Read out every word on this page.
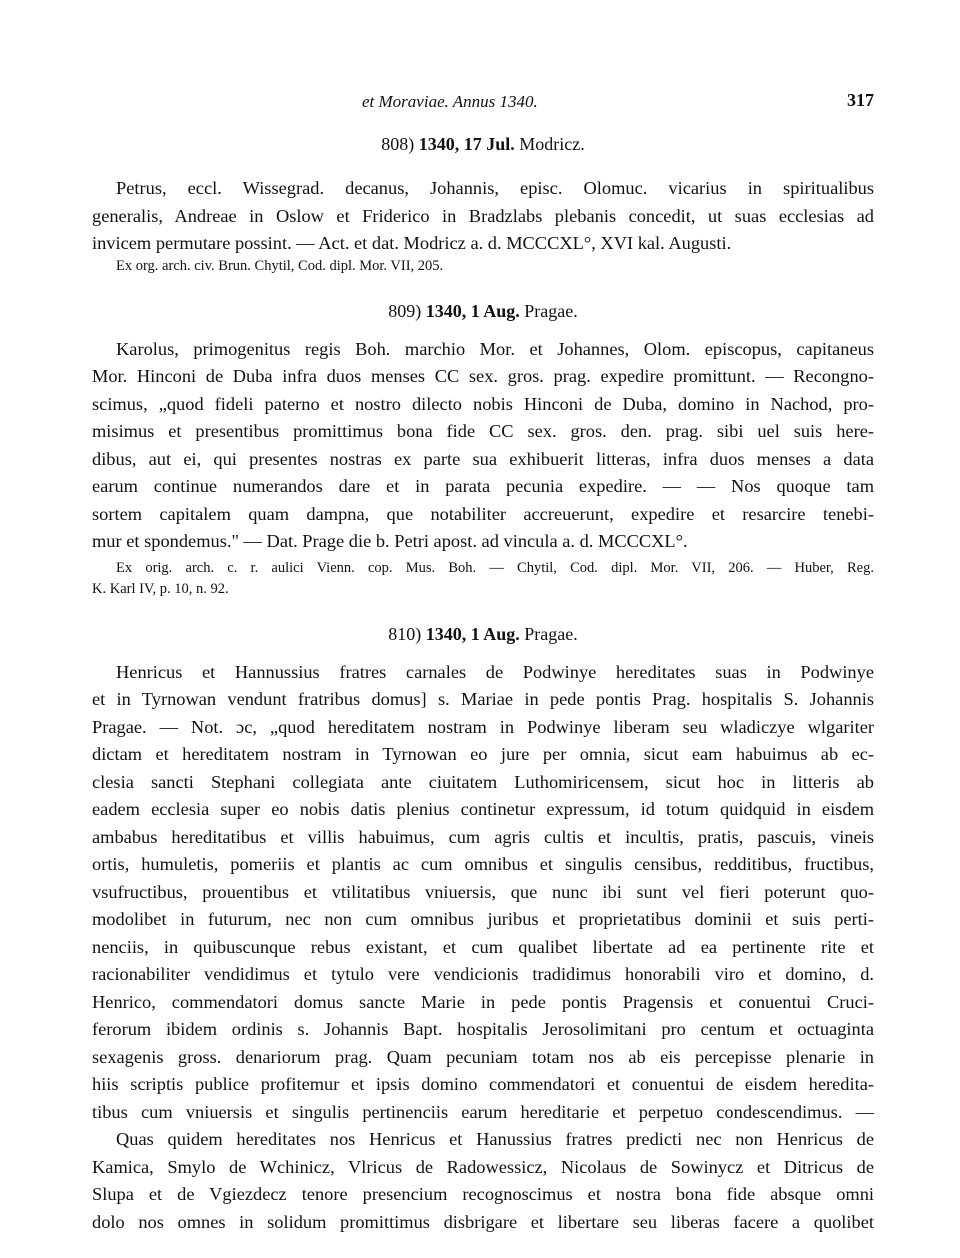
et Moraviae. Annus 1340.	317

808) 1340, 17 Jul. Modricz.

Petrus, eccl. Wissegrad. decanus, Johannis, episc. Olomuc. vicarius in spiritualibus
generalis, Andreae in Oslow et Friderico in Bradzlabs plebanis concedit, ut suas ecclesias ad
invicem permutare possint. — Act. et dat. Modricz a. d. MCCCXL°, XVI kal. Augusti.
Ex org. arch. civ. Brun. Chytil, Cod. dipl. Mor. VII, 205.

809) 1340, 1 Aug. Pragae.

Karolus, primogenitus regis Boh. marchio Mor. et Johannes, Olom. episcopus, capitaneus
Mor. Hinconi de Duba infra duos menses CC sex. gros. prag. expedire promittunt. — Recongno-
scimus, „quod fideli paterno et nostro dilecto nobis Hinconi de Duba, domino in Nachod, pro-
misimus et presentibus promittimus bona fide CC sex. gros. den. prag. sibi uel suis here-
dibus, aut ei, qui presentes nostras ex parte sua exhibuerit litteras, infra duos menses a data
earum continue numerandos dare et in parata pecunia expedire. — — Nos quoque tam
sortem capitalem quam dampna, que notabiliter accreuerunt, expedire et resarcire tenebi-
mur et spondemus." — Dat. Prage die b. Petri apost. ad vincula a. d. MCCCXL°.
Ex orig. arch. c. r. aulici Vienn. cop. Mus. Boh. — Chytil, Cod. dipl. Mor. VII, 206. — Huber, Reg.
K. Karl IV, p. 10, n. 92.

810) 1340, 1 Aug. Pragae.

Henricus et Hannussius fratres carnales de Podwinye hereditates suas in Podwinye
et in Tyrnowan vendunt fratribus domus] s. Mariae in pede pontis Prag. hospitalis S. Johannis
Pragae. — Not. ɔc, „quod hereditatem nostram in Podwinye liberam seu wladiczye wlgariter
dictam et hereditatem nostram in Tyrnowan eo jure per omnia, sicut eam habuimus ab ec-
clesia sancti Stephani collegiata ante ciuitatem Luthomiricensem, sicut hoc in litteris ab
eadem ecclesia super eo nobis datis plenius continetur expressum, id totum quidquid in eisdem
ambabus hereditatibus et villis habuimus, cum agris cultis et incultis, pratis, pascuis, vineis
ortis, humuletis, pomeriis et plantis ac cum omnibus et singulis censibus, redditibus, fructibus,
vsufructibus, prouentibus et vtilitatibus vniuersis, que nunc ibi sunt vel fieri poterunt quo-
modolibet in futurum, nec non cum omnibus juribus et proprietatibus dominii et suis perti-
nenciis, in quibuscunque rebus existant, et cum qualibet libertate ad ea pertinente rite et
racionabiliter vendidimus et tytulo vere vendicionis tradidimus honorabili viro et domino, d.
Henrico, commendatori domus sancte Marie in pede pontis Pragensis et conuentui Cruci-
ferorum ibidem ordinis s. Johannis Bapt. hospitalis Jerosolimitani pro centum et octuaginta
sexagenis gross. denariorum prag. Quam pecuniam totam nos ab eis percepisse plenarie in
hiis scriptis publice profitemur et ipsis domino commendatori et conuentui de eisdem heredita-
tibus cum vniuersis et singulis pertinenciis earum hereditarie et perpetuo condescendimus. —
Quas quidem hereditates nos Henricus et Hanussius fratres predicti nec non Henricus de
Kamica, Smylo de Wchinicz, Vlricus de Radowessicz, Nicolaus de Sowinycz et Ditricus de
Slupa et de Vgiezdecz tenore presencium recognoscimus et nostra bona fide absque omni
dolo nos omnes in solidum promittimus disbrigare et libertare seu liberas facere a quolibet
